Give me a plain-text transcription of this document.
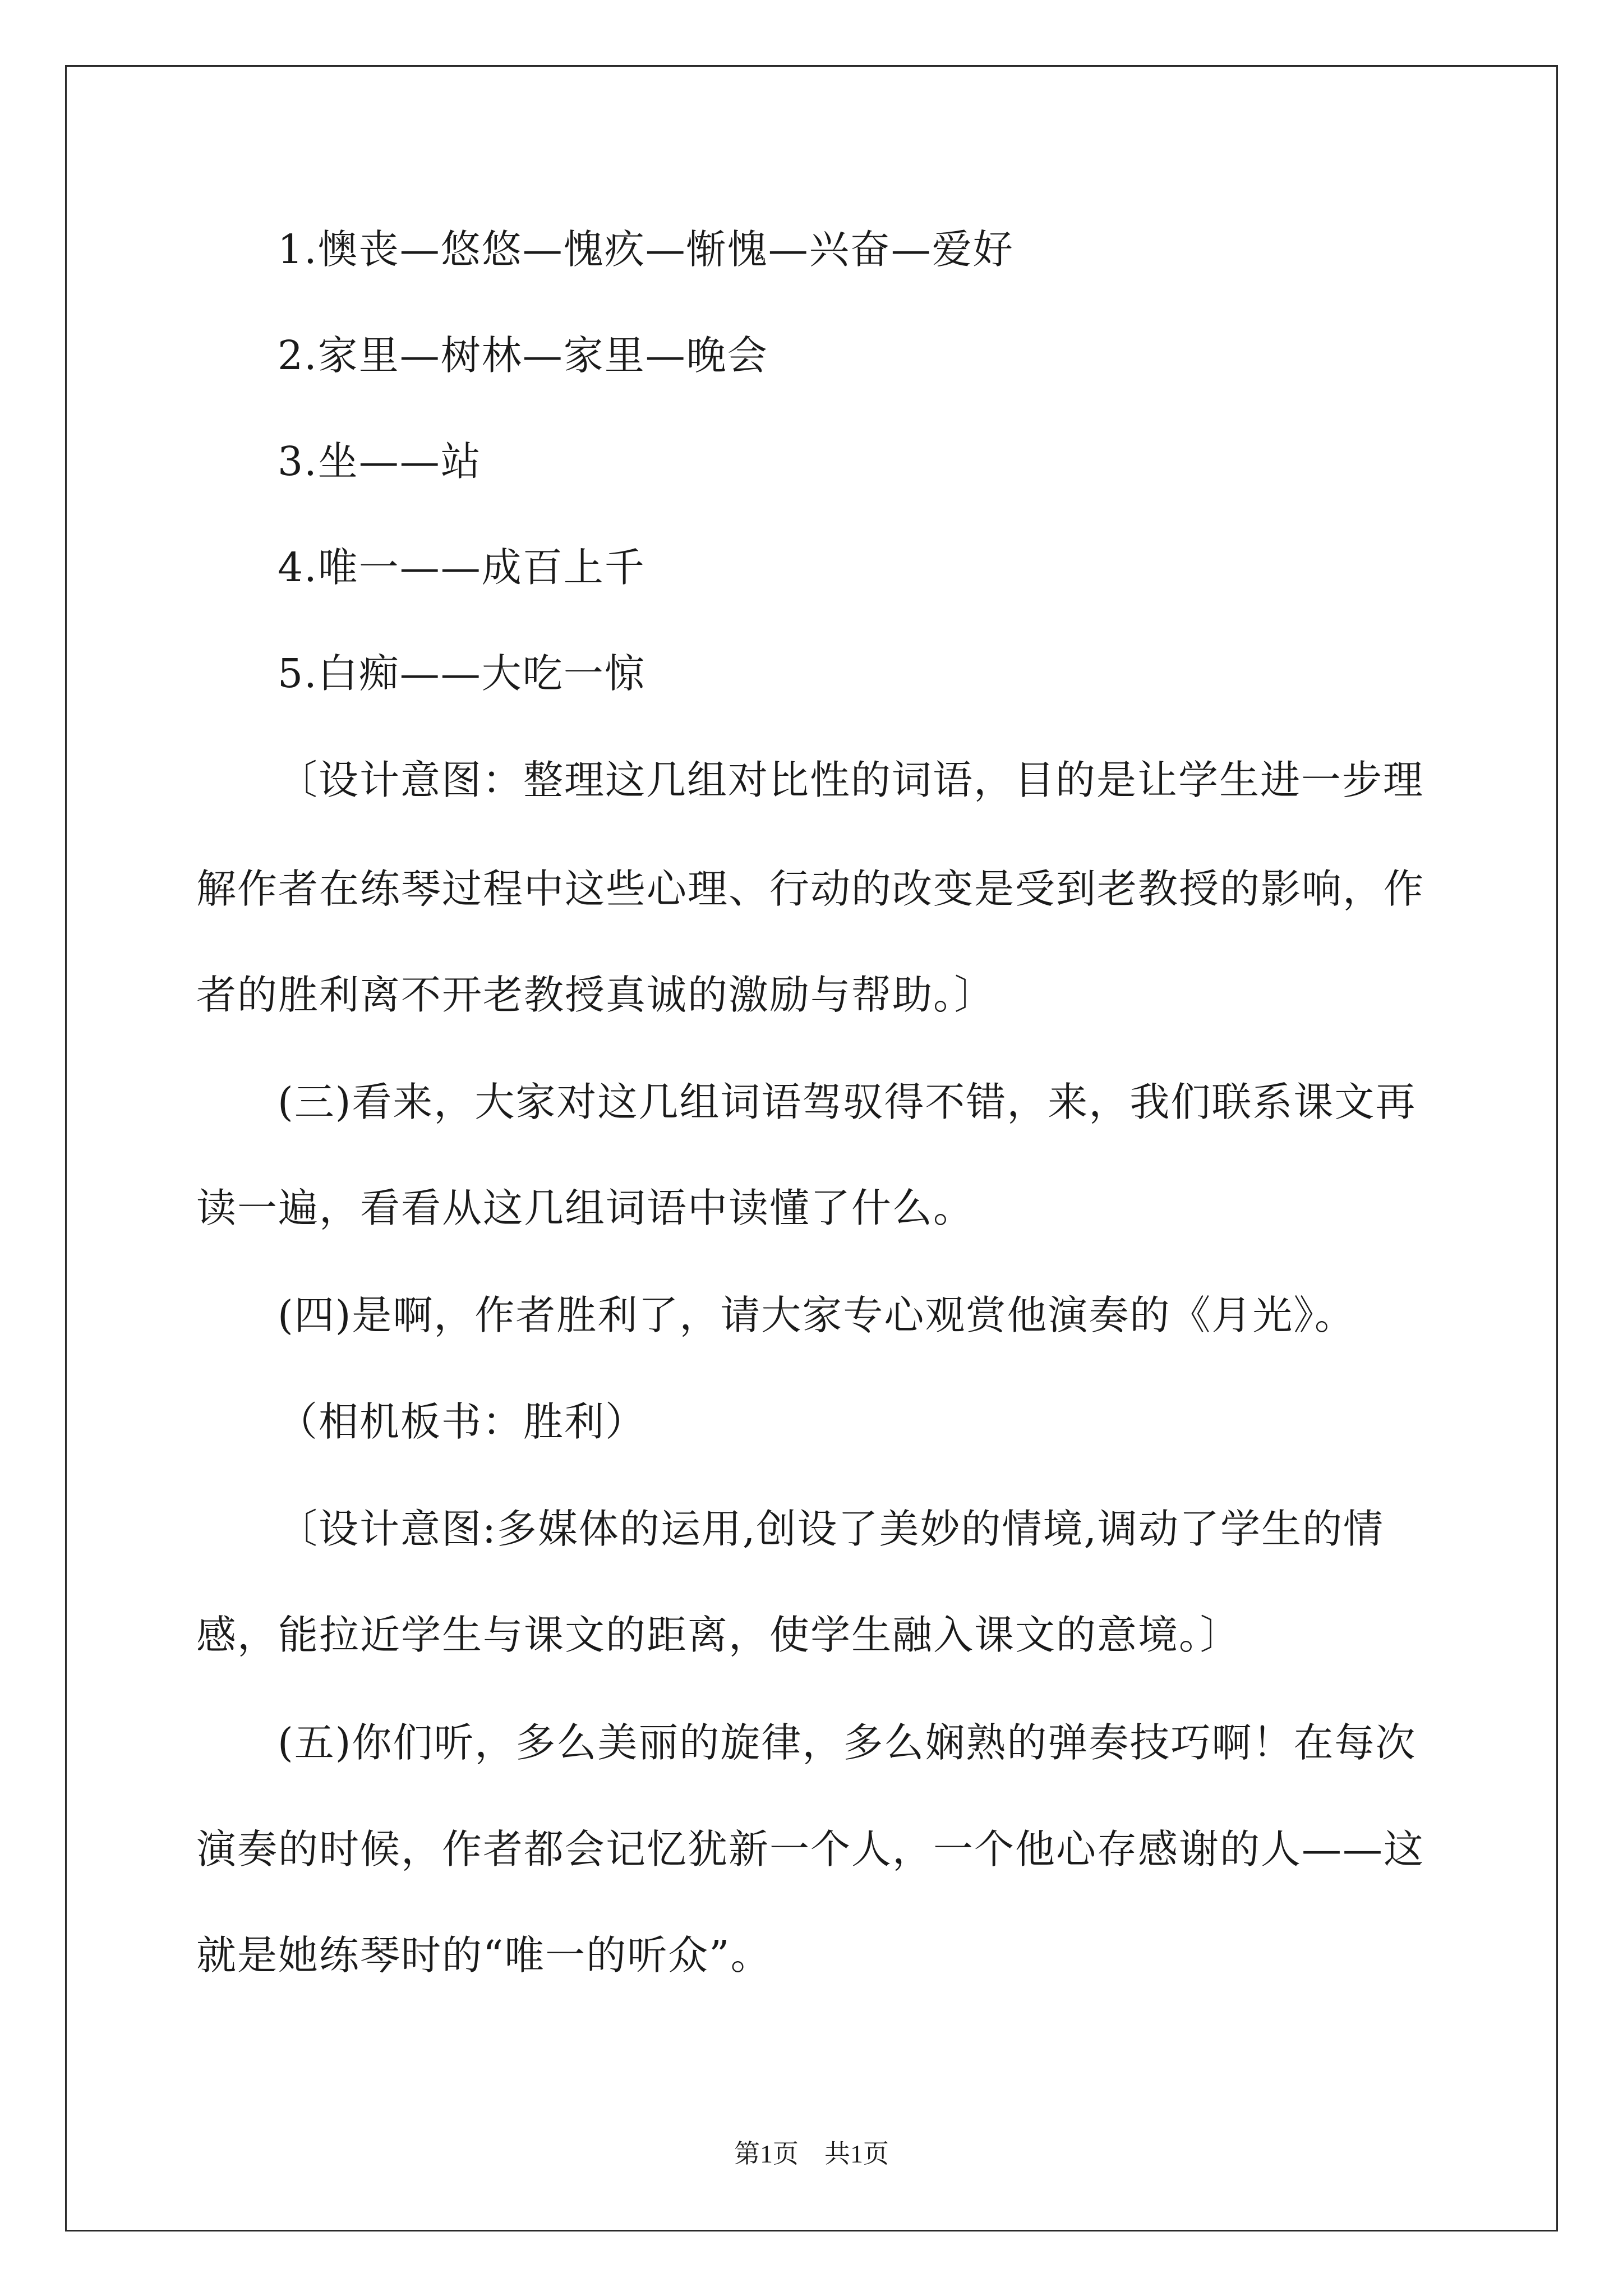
1.懊丧—悠悠—愧疚—惭愧—兴奋—爱好
2.家里—树林—家里—晚会
3.坐——站
4.唯一——成百上千
5.白痴——大吃一惊
〔设计意图：整理这几组对比性的词语，目的是让学生进一步理
解作者在练琴过程中这些心理、行动的改变是受到老教授的影响，作
者的胜利离不开老教授真诚的激励与帮助。〕
(三)看来，大家对这几组词语驾驭得不错，来，我们联系课文再
读一遍，看看从这几组词语中读懂了什么。
(四)是啊，作者胜利了，请大家专心观赏他演奏的《月光》。
（相机板书：胜利）
〔设计意图:多媒体的运用,创设了美妙的情境,调动了学生的情
感，能拉近学生与课文的距离，使学生融入课文的意境。〕
(五)你们听，多么美丽的旋律，多么娴熟的弹奏技巧啊！在每次
演奏的时候，作者都会记忆犹新一个人，一个他心存感谢的人——这
就是她练琴时的“唯一的听众”。
第1页　共1页
